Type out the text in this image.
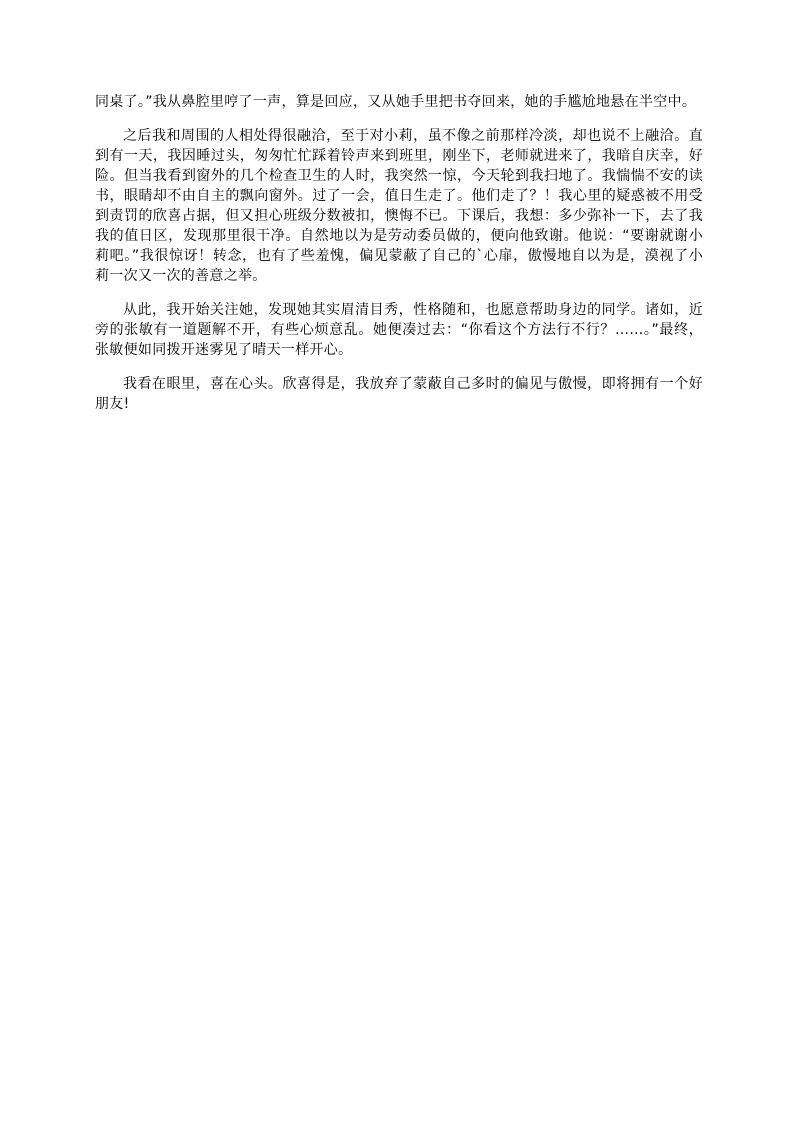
同桌了。”我从鼻腔里哼了一声，算是回应，又从她手里把书夺回来，她的手尴尬地悬在半空中。

之后我和周围的人相处得很融洽，至于对小莉，虽不像之前那样冷淡，却也说不上融洽。直到有一天，我因睡过头，匆匆忙忙踩着铃声来到班里，刚坐下，老师就进来了，我暗自庆幸，好险。但当我看到窗外的几个检查卫生的人时，我突然一惊，今天轮到我扫地了。我惴惴不安的读书，眼睛却不由自主的飘向窗外。过了一会，值日生走了。他们走了？！我心里的疑惑被不用受到责罚的欣喜占据，但又担心班级分数被扣，懊悔不已。下课后，我想：多少弥补一下，去了我我的值日区，发现那里很干净。自然地以为是劳动委员做的，便向他致谢。他说：“要谢就谢小莉吧。”我很惊讶！转念，也有了些羞愧，偏见蒙蔽了自己的`心扉，傲慢地自以为是，漠视了小莉一次又一次的善意之举。

从此，我开始关注她，发现她其实眉清目秀，性格随和，也愿意帮助身边的同学。诸如，近旁的张敏有一道题解不开，有些心烦意乱。她便凑过去：“你看这个方法行不行？……。”最终，张敏便如同拨开迷雾见了晴天一样开心。

我看在眼里，喜在心头。欣喜得是，我放弃了蒙蔽自己多时的偏见与傲慢，即将拥有一个好朋友!
